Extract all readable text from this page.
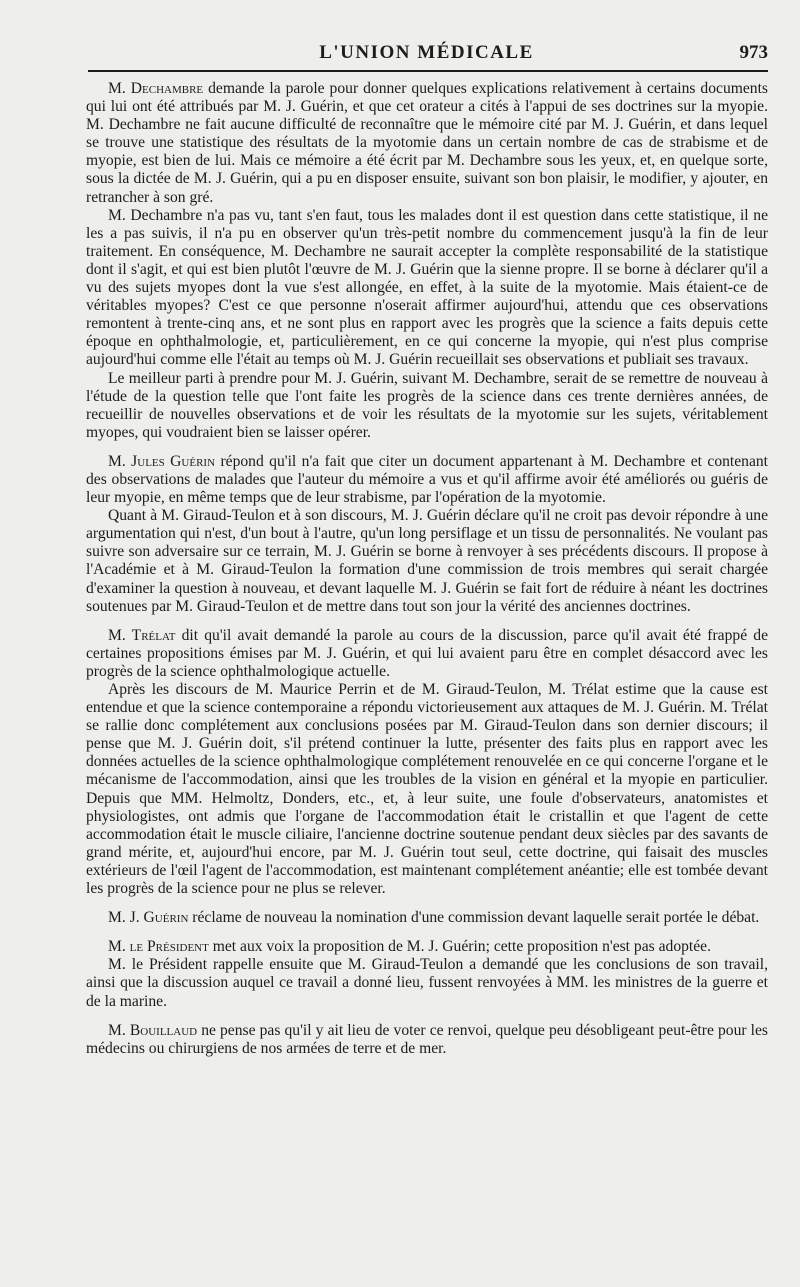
L'UNION MÉDICALE	973

M. Dechambre demande la parole pour donner quelques explications relativement à certains documents qui lui ont été attribués par M. J. Guérin, et que cet orateur a cités à l'appui de ses doctrines sur la myopie. M. Dechambre ne fait aucune difficulté de reconnaître que le mémoire cité par M. J. Guérin, et dans lequel se trouve une statistique des résultats de la myotomie dans un certain nombre de cas de strabisme et de myopie, est bien de lui. Mais ce mémoire a été écrit par M. Dechambre sous les yeux, et, en quelque sorte, sous la dictée de M. J. Guérin, qui a pu en disposer ensuite, suivant son bon plaisir, le modifier, y ajouter, en retrancher à son gré.

M. Dechambre n'a pas vu, tant s'en faut, tous les malades dont il est question dans cette statistique, il ne les a pas suivis, il n'a pu en observer qu'un très-petit nombre du commencement jusqu'à la fin de leur traitement. En conséquence, M. Dechambre ne saurait accepter la complète responsabilité de la statistique dont il s'agit, et qui est bien plutôt l'œuvre de M. J. Guérin que la sienne propre. Il se borne à déclarer qu'il a vu des sujets myopes dont la vue s'est allongée, en effet, à la suite de la myotomie. Mais étaient-ce de véritables myopes? C'est ce que personne n'oserait affirmer aujourd'hui, attendu que ces observations remontent à trente-cinq ans, et ne sont plus en rapport avec les progrès que la science a faits depuis cette époque en ophthalmologie, et, particulièrement, en ce qui concerne la myopie, qui n'est plus comprise aujourd'hui comme elle l'était au temps où M. J. Guérin recueillait ses observations et publiait ses travaux.

Le meilleur parti à prendre pour M. J. Guérin, suivant M. Dechambre, serait de se remettre de nouveau à l'étude de la question telle que l'ont faite les progrès de la science dans ces trente dernières années, de recueillir de nouvelles observations et de voir les résultats de la myotomie sur les sujets, véritablement myopes, qui voudraient bien se laisser opérer.

M. Jules Guérin répond qu'il n'a fait que citer un document appartenant à M. Dechambre et contenant des observations de malades que l'auteur du mémoire a vus et qu'il affirme avoir été améliorés ou guéris de leur myopie, en même temps que de leur strabisme, par l'opération de la myotomie.

Quant à M. Giraud-Teulon et à son discours, M. J. Guérin déclare qu'il ne croit pas devoir répondre à une argumentation qui n'est, d'un bout à l'autre, qu'un long persiflage et un tissu de personnalités. Ne voulant pas suivre son adversaire sur ce terrain, M. J. Guérin se borne à renvoyer à ses précédents discours. Il propose à l'Académie et à M. Giraud-Teulon la formation d'une commission de trois membres qui serait chargée d'examiner la question à nouveau, et devant laquelle M. J. Guérin se fait fort de réduire à néant les doctrines soutenues par M. Giraud-Teulon et de mettre dans tout son jour la vérité des anciennes doctrines.

M. Trélat dit qu'il avait demandé la parole au cours de la discussion, parce qu'il avait été frappé de certaines propositions émises par M. J. Guérin, et qui lui avaient paru être en complet désaccord avec les progrès de la science ophthalmologique actuelle.

Après les discours de M. Maurice Perrin et de M. Giraud-Teulon, M. Trélat estime que la cause est entendue et que la science contemporaine a répondu victorieusement aux attaques de M. J. Guérin. M. Trélat se rallie donc complétement aux conclusions posées par M. Giraud-Teulon dans son dernier discours; il pense que M. J. Guérin doit, s'il prétend continuer la lutte, présenter des faits plus en rapport avec les données actuelles de la science ophthalmologique complétement renouvelée en ce qui concerne l'organe et le mécanisme de l'accommodation, ainsi que les troubles de la vision en général et la myopie en particulier. Depuis que MM. Helmoltz, Donders, etc., et, à leur suite, une foule d'observateurs, anatomistes et physiologistes, ont admis que l'organe de l'accommodation était le cristallin et que l'agent de cette accommodation était le muscle ciliaire, l'ancienne doctrine soutenue pendant deux siècles par des savants de grand mérite, et, aujourd'hui encore, par M. J. Guérin tout seul, cette doctrine, qui faisait des muscles extérieurs de l'œil l'agent de l'accommodation, est maintenant complétement anéantie; elle est tombée devant les progrès de la science pour ne plus se relever.

M. J. Guérin réclame de nouveau la nomination d'une commission devant laquelle serait portée le débat.

M. le Président met aux voix la proposition de M. J. Guérin; cette proposition n'est pas adoptée.

M. le Président rappelle ensuite que M. Giraud-Teulon a demandé que les conclusions de son travail, ainsi que la discussion auquel ce travail a donné lieu, fussent renvoyées à MM. les ministres de la guerre et de la marine.

M. Bouillaud ne pense pas qu'il y ait lieu de voter ce renvoi, quelque peu désobligeant peut-être pour les médecins ou chirurgiens de nos armées de terre et de mer.
